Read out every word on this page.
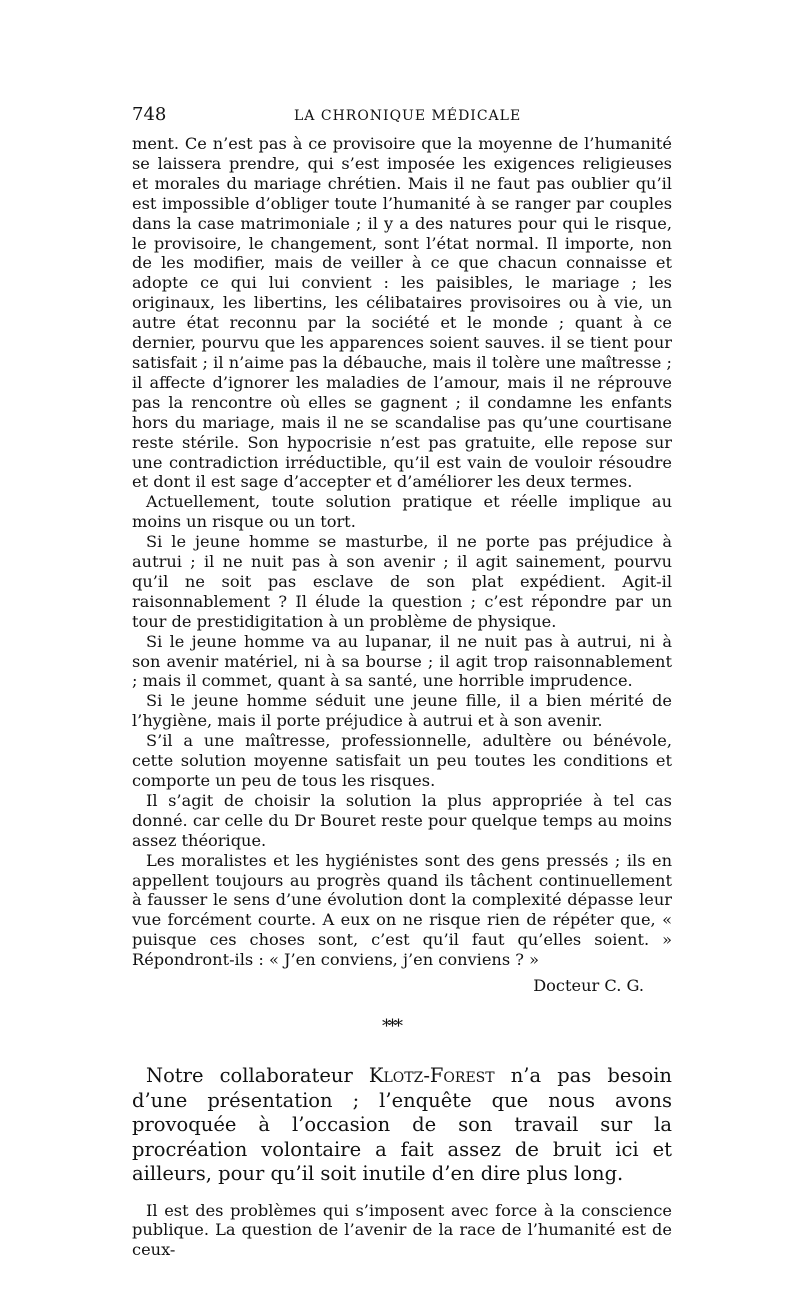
748	LA CHRONIQUE MÉDICALE

ment. Ce n’est pas à ce provisoire que la moyenne de l’humanité se laissera prendre, qui s’est imposée les exigences religieuses et morales du mariage chrétien. Mais il ne faut pas oublier qu’il est impossible d’obliger toute l’humanité à se ranger par couples dans la case matrimoniale ; il y a des natures pour qui le risque, le provisoire, le changement, sont l’état normal. Il importe, non de les modifier, mais de veiller à ce que chacun connaisse et adopte ce qui lui convient : les paisibles, le mariage ; les originaux, les libertins, les célibataires provisoires ou à vie, un autre état reconnu par la société et le monde ; quant à ce dernier, pourvu que les apparences soient sauves. il se tient pour satisfait ; il n’aime pas la débauche, mais il tolère une maîtresse ; il affecte d’ignorer les maladies de l’amour, mais il ne réprouve pas la rencontre où elles se gagnent ; il condamne les enfants hors du mariage, mais il ne se scandalise pas qu’une courtisane reste stérile. Son hypocrisie n’est pas gratuite, elle repose sur une contradiction irréductible, qu’il est vain de vouloir résoudre et dont il est sage d’accepter et d’améliorer les deux termes.

Actuellement, toute solution pratique et réelle implique au moins un risque ou un tort.

Si le jeune homme se masturbe, il ne porte pas préjudice à autrui ; il ne nuit pas à son avenir ; il agit sainement, pourvu qu’il ne soit pas esclave de son plat expédient. Agit-il raisonnablement ? Il élude la question ; c’est répondre par un tour de prestidigitation à un problème de physique.

Si le jeune homme va au lupanar, il ne nuit pas à autrui, ni à son avenir matériel, ni à sa bourse ; il agit trop raisonnablement ; mais il commet, quant à sa santé, une horrible imprudence.

Si le jeune homme séduit une jeune fille, il a bien mérité de l’hygiène, mais il porte préjudice à autrui et à son avenir.

S’il a une maîtresse, professionnelle, adultère ou bénévole, cette solution moyenne satisfait un peu toutes les conditions et comporte un peu de tous les risques.

Il s’agit de choisir la solution la plus appropriée à tel cas donné. car celle du Dr Bouret reste pour quelque temps au moins assez théorique.

Les moralistes et les hygiénistes sont des gens pressés ; ils en appellent toujours au progrès quand ils tâchent continuellement à fausser le sens d’une évolution dont la complexité dépasse leur vue forcément courte. A eux on ne risque rien de répéter que, « puisque ces choses sont, c’est qu’il faut qu’elles soient. » Répondront-ils : « J’en conviens, j’en conviens ? »

Docteur C. G.
***

Notre collaborateur Klotz-Forest n’a pas besoin d’une présentation ; l’enquête que nous avons provoquée à l’occasion de son travail sur la procréation volontaire a fait assez de bruit ici et ailleurs, pour qu’il soit inutile d’en dire plus long.

Il est des problèmes qui s’imposent avec force à la conscience publique. La question de l’avenir de la race de l’humanité est de ceux-
